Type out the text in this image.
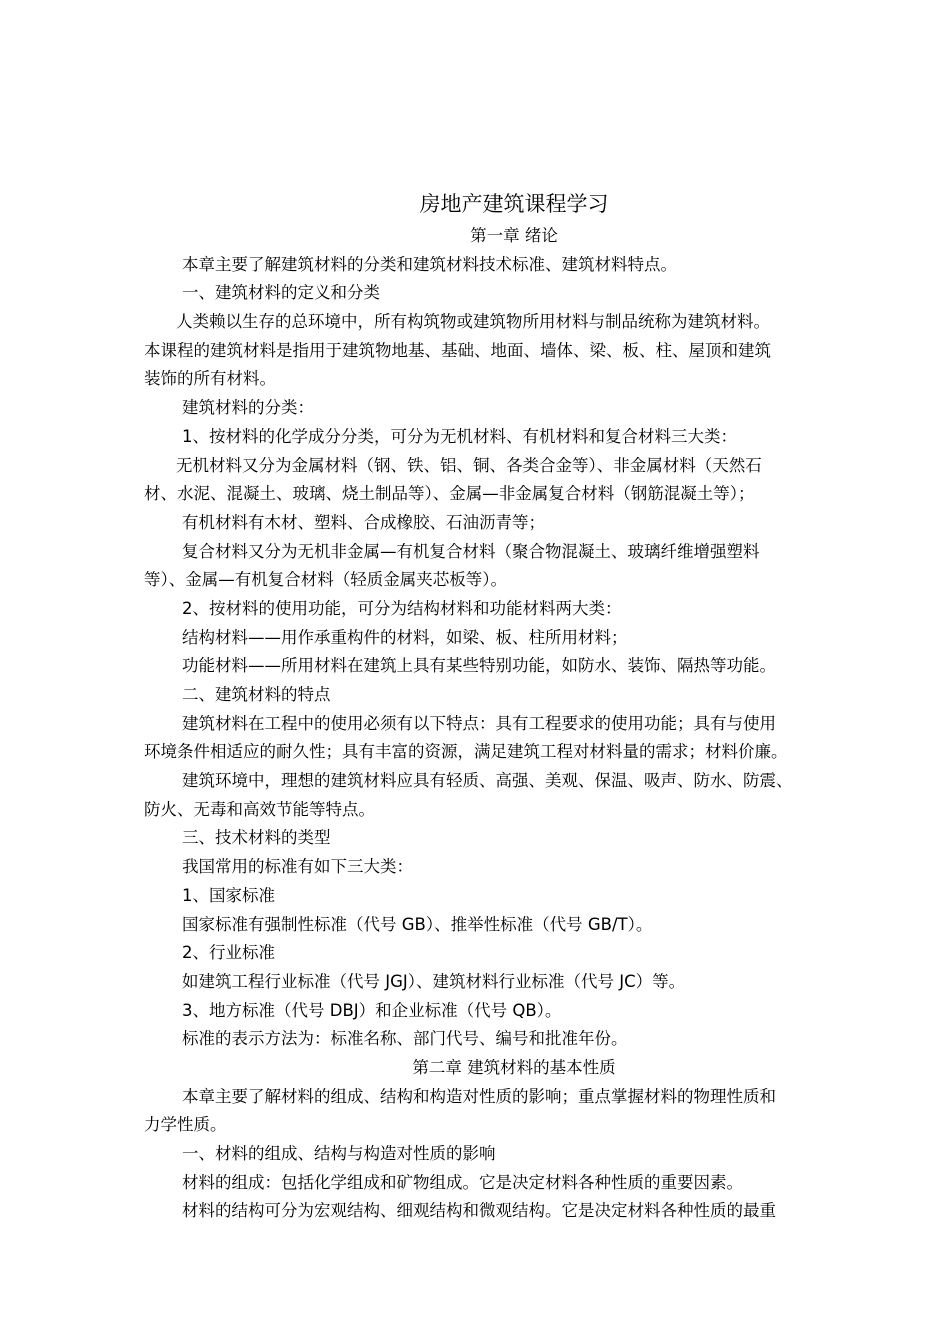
房地产建筑课程学习
第一章 绪论
本章主要了解建筑材料的分类和建筑材料技术标准、建筑材料特点。
一、建筑材料的定义和分类
人类赖以生存的总环境中，所有构筑物或建筑物所用材料与制品统称为建筑材料。
本课程的建筑材料是指用于建筑物地基、基础、地面、墙体、梁、板、柱、屋顶和建筑
装饰的所有材料。
建筑材料的分类：
1、按材料的化学成分分类，可分为无机材料、有机材料和复合材料三大类：
无机材料又分为金属材料（钢、铁、铝、铜、各类合金等）、非金属材料（天然石
材、水泥、混凝土、玻璃、烧土制品等）、金属—非金属复合材料（钢筋混凝土等）；
有机材料有木材、塑料、合成橡胶、石油沥青等；
复合材料又分为无机非金属—有机复合材料（聚合物混凝土、玻璃纤维增强塑料
等）、金属—有机复合材料（轻质金属夹芯板等）。
2、按材料的使用功能，可分为结构材料和功能材料两大类：
结构材料——用作承重构件的材料，如梁、板、柱所用材料；
功能材料——所用材料在建筑上具有某些特别功能，如防水、装饰、隔热等功能。
二、建筑材料的特点
建筑材料在工程中的使用必须有以下特点：具有工程要求的使用功能；具有与使用
环境条件相适应的耐久性；具有丰富的资源，满足建筑工程对材料量的需求；材料价廉。
建筑环境中，理想的建筑材料应具有轻质、高强、美观、保温、吸声、防水、防震、
防火、无毒和高效节能等特点。
三、技术材料的类型
我国常用的标准有如下三大类：
1、国家标准
国家标准有强制性标准（代号 GB）、推举性标准（代号 GB/T）。
2、行业标准
如建筑工程行业标准（代号 JGJ）、建筑材料行业标准（代号 JC）等。
3、地方标准（代号 DBJ）和企业标准（代号 QB）。
标准的表示方法为：标准名称、部门代号、编号和批准年份。
第二章 建筑材料的基本性质
本章主要了解材料的组成、结构和构造对性质的影响；重点掌握材料的物理性质和
力学性质。
一、材料的组成、结构与构造对性质的影响
材料的组成：包括化学组成和矿物组成。它是决定材料各种性质的重要因素。
材料的结构可分为宏观结构、细观结构和微观结构。它是决定材料各种性质的最重
